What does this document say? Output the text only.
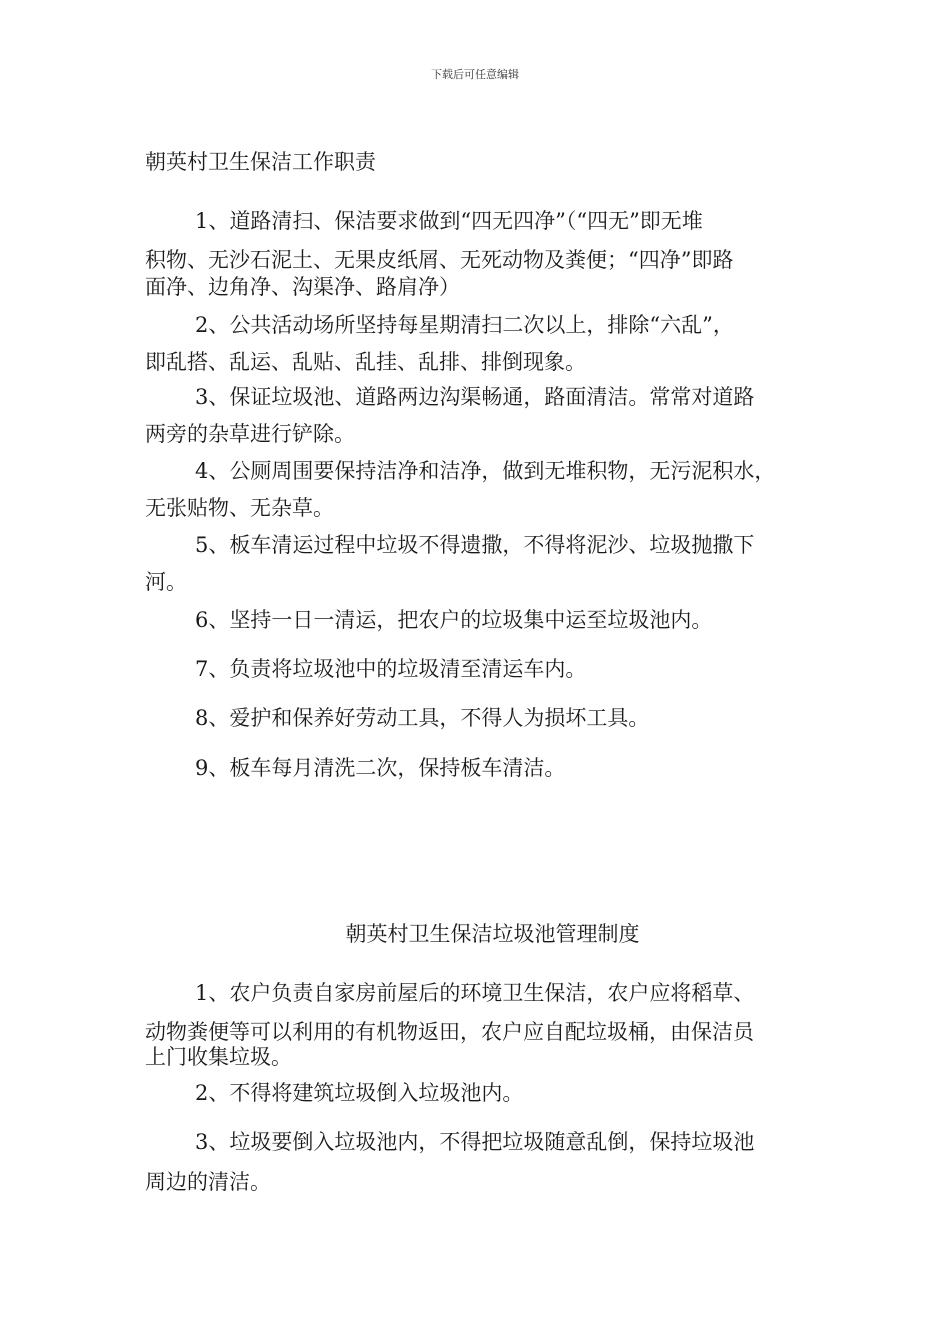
下载后可任意编辑
朝英村卫生保洁工作职责
1、道路清扫、保洁要求做到“四无四净”（“四无”即无堆
积物、无沙石泥土、无果皮纸屑、无死动物及粪便；“四净”即路
面净、边角净、沟渠净、路肩净）
2、公共活动场所坚持每星期清扫二次以上，排除“六乱”，
即乱搭、乱运、乱贴、乱挂、乱排、排倒现象。
3、保证垃圾池、道路两边沟渠畅通，路面清洁。常常对道路
两旁的杂草进行铲除。
4、公厕周围要保持洁净和洁净，做到无堆积物，无污泥积水，
无张贴物、无杂草。
5、板车清运过程中垃圾不得遗撒，不得将泥沙、垃圾抛撒下
河。
6、坚持一日一清运，把农户的垃圾集中运至垃圾池内。
7、负责将垃圾池中的垃圾清至清运车内。
8、爱护和保养好劳动工具，不得人为损坏工具。
9、板车每月清洗二次，保持板车清洁。
朝英村卫生保洁垃圾池管理制度
1、农户负责自家房前屋后的环境卫生保洁，农户应将稻草、
动物粪便等可以利用的有机物返田，农户应自配垃圾桶，由保洁员
上门收集垃圾。
2、不得将建筑垃圾倒入垃圾池内。
3、垃圾要倒入垃圾池内，不得把垃圾随意乱倒，保持垃圾池
周边的清洁。
